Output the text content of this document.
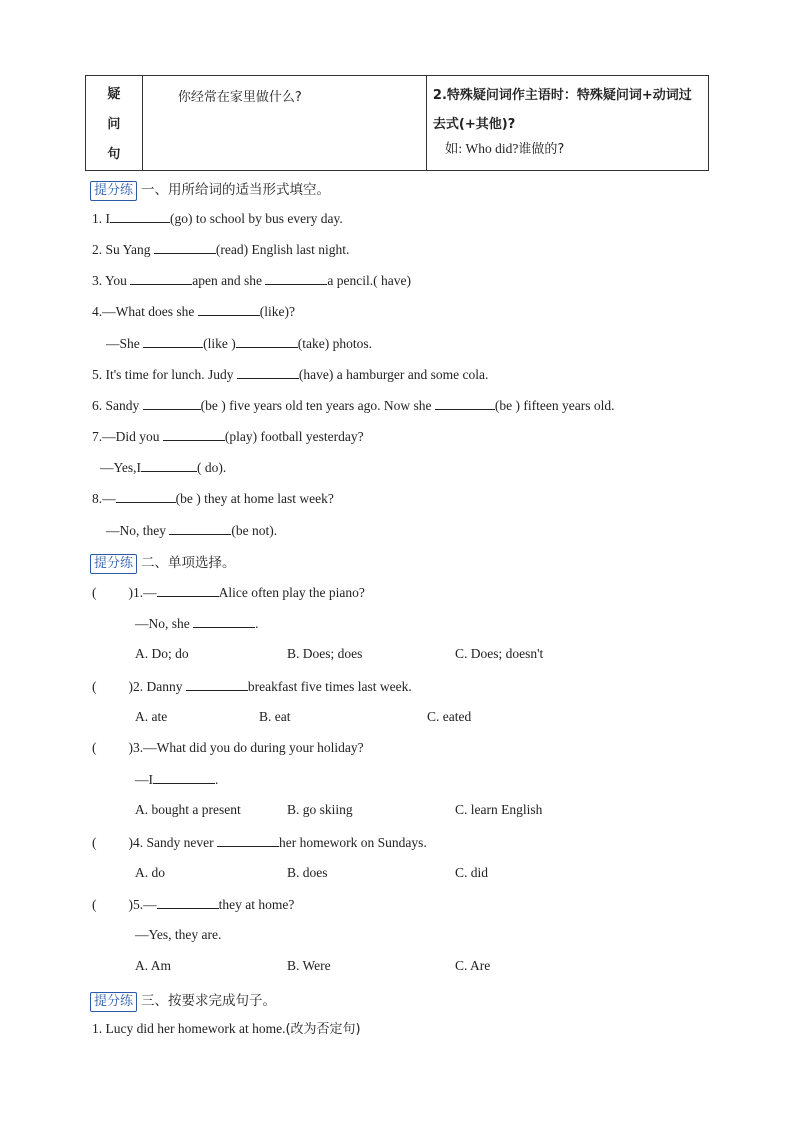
疑
问
句

你经常在家里做什么?	2.特殊疑问词作主语时：特殊疑问词+动词过去式(+其他)?
如: Who did?谁做的?
提分练 一、用所给词的适当形式填空。
1. I	(go) to school by bus every day.
2. Su Yang	(read) English last night.
3. You	apen and she	a pencil.( have)
4.—What does she	(like)?
—She	(like )	(take) photos.
5. It's time for lunch. Judy	(have) a hamburger and some cola.
6. Sandy	(be ) five years old ten years ago. Now she	(be ) fifteen years old.
7.—Did you	(play) football yesterday?
—Yes,I	( do).
8.—	(be ) they at home last week?
—No, they	(be not).
提分练 二、单项选择。
( )1.—	Alice often play the piano?
—No, she	.
A. Do; do	B. Does; does	C. Does; doesn't
( )2. Danny	breakfast five times last week.
A. ate	B. eat	C. eated
( )3.—What did you do during your holiday?
—I	.
A. bought a present	B. go skiing	C. learn English
( )4. Sandy never	her homework on Sundays.
A. do	B. does	C. did
( )5.—	they at home?
—Yes, they are.
A. Am	B. Were	C. Are
提分练 三、按要求完成句子。
1. Lucy did her homework at home.(改为否定句)
